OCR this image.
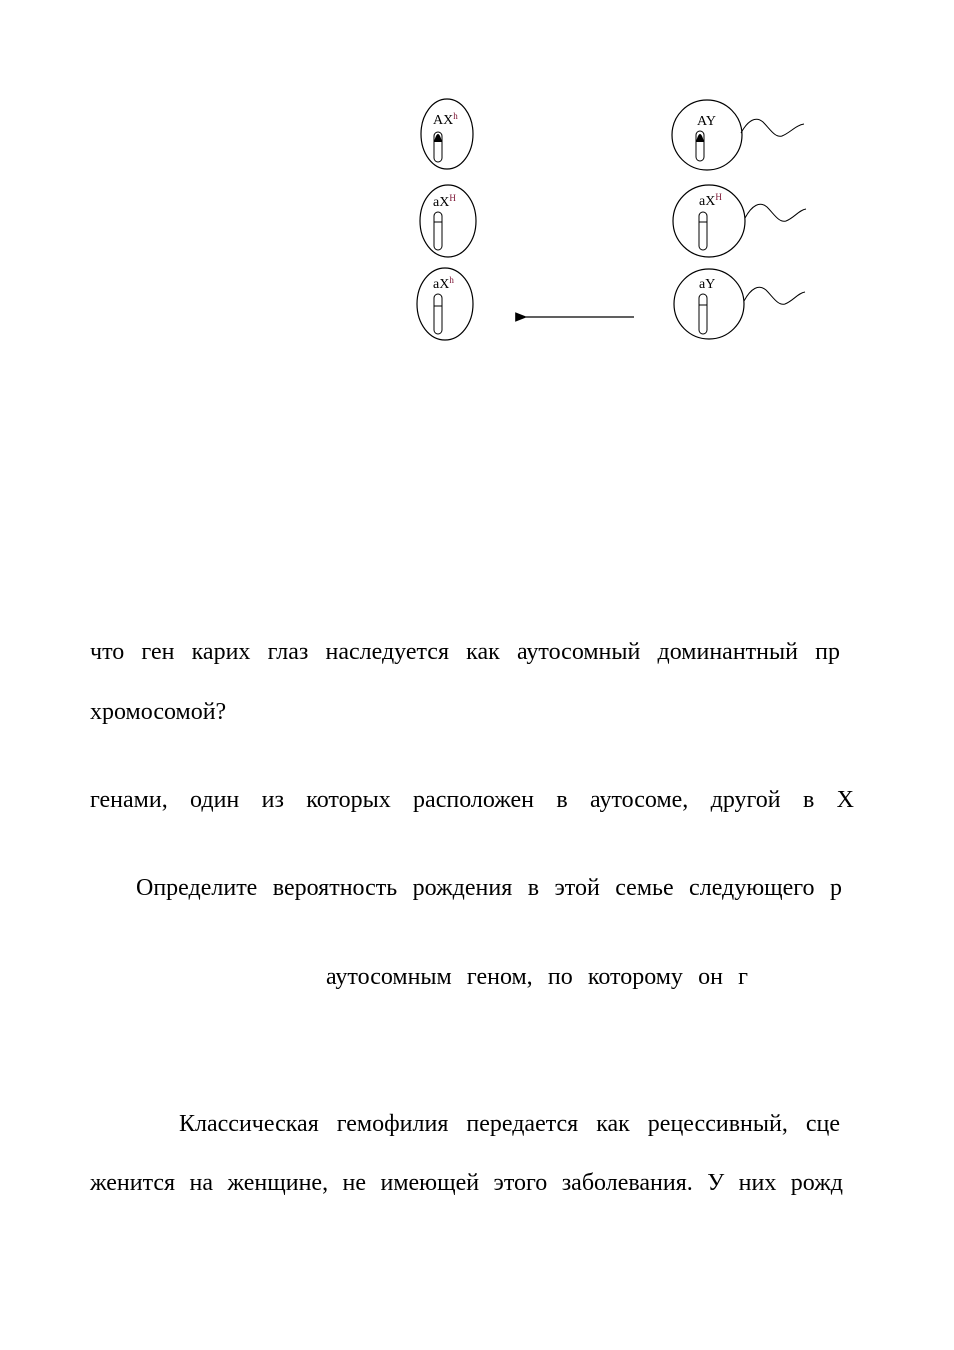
$AX^h$
$aX^H$
$aX^h$
AY
$aX^H$
aY
что ген карих глаз наследуется как аутосомный доминантный пр
хромосомой?
генами, один из которых расположен в аутосоме, другой в Х
Определите вероятность рождения в этой семье следующего р
аутосомным геном, по которому он г
Классическая гемофилия передается как рецессивный, сце
женится на женщине, не имеющей этого заболевания. У них рожд
